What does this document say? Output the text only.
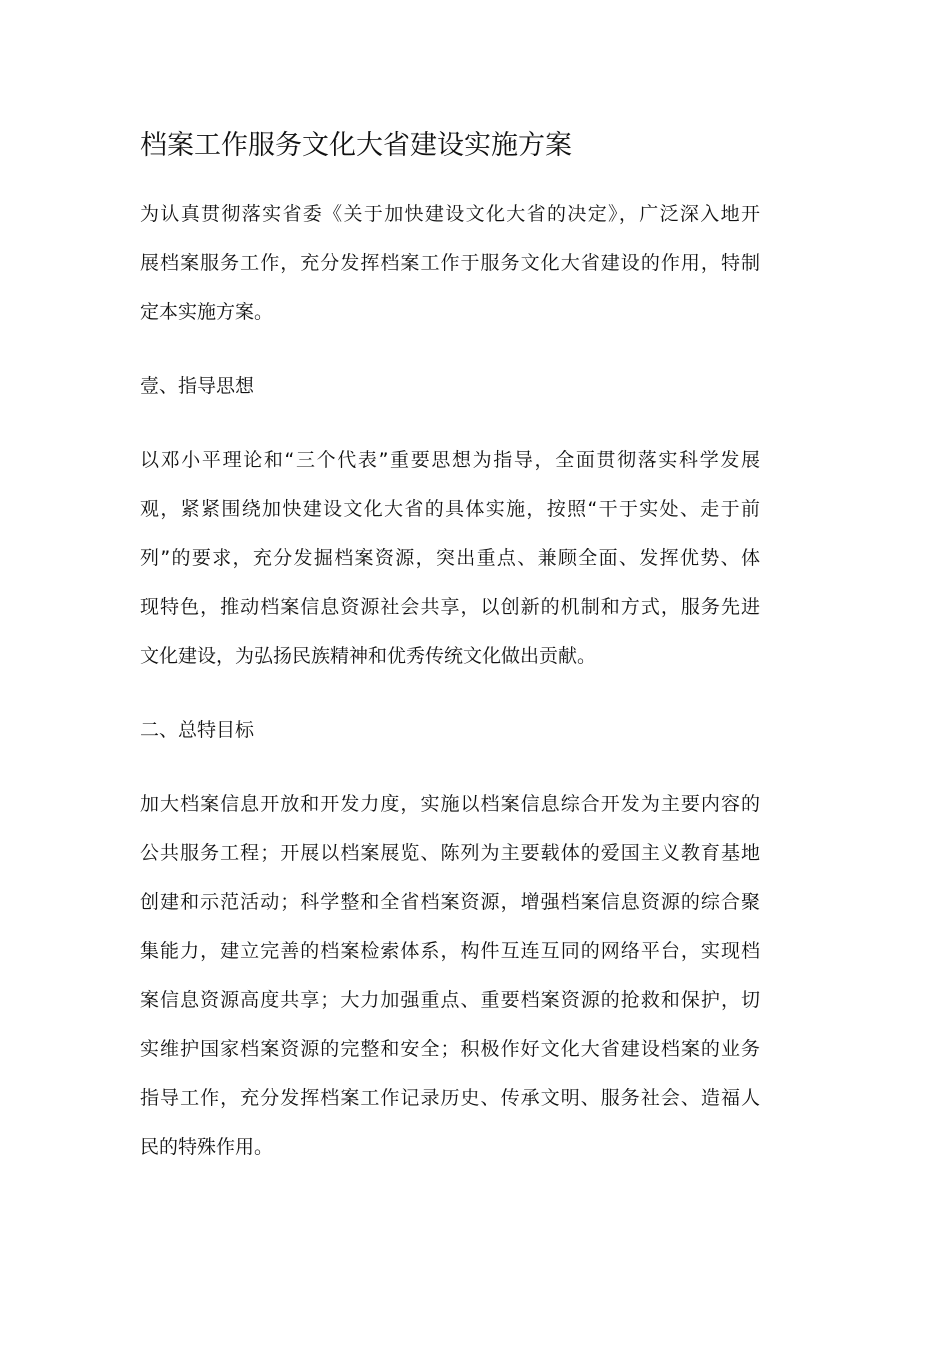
档案工作服务文化大省建设实施方案
为认真贯彻落实省委《关于加快建设文化大省的决定》，广泛深入地开
展档案服务工作，充分发挥档案工作于服务文化大省建设的作用，特制
定本实施方案。
壹、指导思想
以邓小平理论和“三个代表”重要思想为指导，全面贯彻落实科学发展
观，紧紧围绕加快建设文化大省的具体实施，按照“干于实处、走于前
列”的要求，充分发掘档案资源，突出重点、兼顾全面、发挥优势、体
现特色，推动档案信息资源社会共享，以创新的机制和方式，服务先进
文化建设，为弘扬民族精神和优秀传统文化做出贡献。
二、总特目标
加大档案信息开放和开发力度，实施以档案信息综合开发为主要内容的
公共服务工程；开展以档案展览、陈列为主要载体的爱国主义教育基地
创建和示范活动；科学整和全省档案资源，增强档案信息资源的综合聚
集能力，建立完善的档案检索体系，构件互连互同的网络平台，实现档
案信息资源高度共享；大力加强重点、重要档案资源的抢救和保护，切
实维护国家档案资源的完整和安全；积极作好文化大省建设档案的业务
指导工作，充分发挥档案工作记录历史、传承文明、服务社会、造福人
民的特殊作用。
